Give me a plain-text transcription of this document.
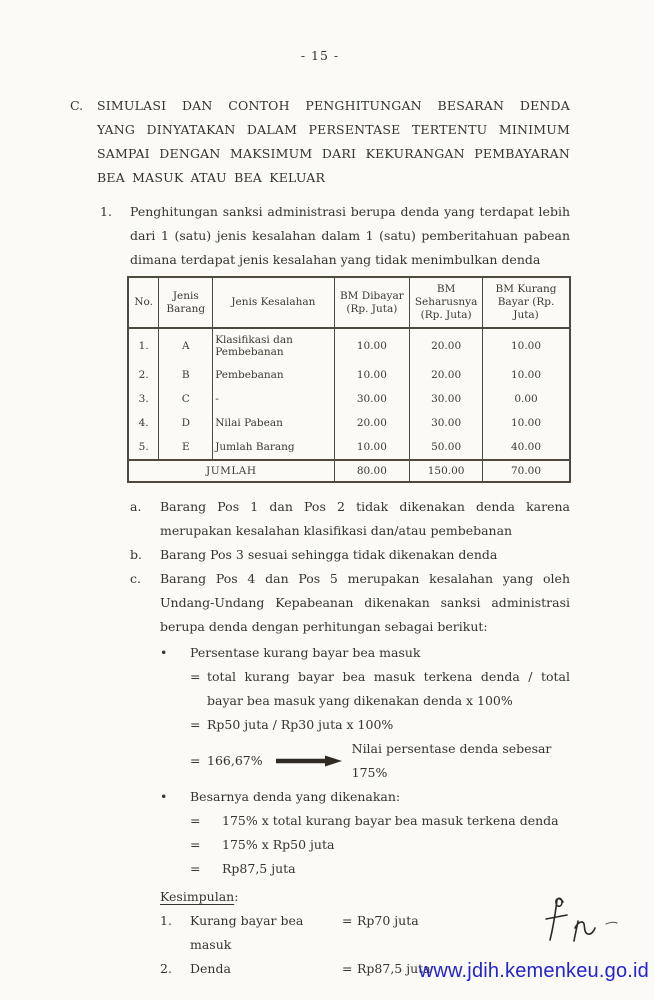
- 15 -
C.	SIMULASI DAN CONTOH PENGHITUNGAN BESARAN DENDA YANG DINYATAKAN DALAM PERSENTASE TERTENTU MINIMUM SAMPAI DENGAN MAKSIMUM DARI KEKURANGAN PEMBAYARAN BEA MASUK ATAU BEA KELUAR
1.	Penghitungan sanksi administrasi berupa denda yang terdapat lebih dari 1 (satu) jenis kesalahan dalam 1 (satu) pemberitahuan pabean dimana terdapat jenis kesalahan yang tidak menimbulkan denda
No.	Jenis Barang	Jenis Kesalahan	BM Dibayar (Rp. Juta)	BM Seharusnya (Rp. Juta)	BM Kurang Bayar (Rp. Juta)
1.	A	Klasifikasi dan Pembebanan	10.00	20.00	10.00
2.	B	Pembebanan	10.00	20.00	10.00
3.	C	-	30.00	30.00	0.00
4.	D	Nilai Pabean	20.00	30.00	10.00
5.	E	Jumlah Barang	10.00	50.00	40.00
JUMLAH			80.00	150.00	70.00
a.	Barang Pos 1 dan Pos 2 tidak dikenakan denda karena merupakan kesalahan klasifikasi dan/atau pembebanan
b.	Barang Pos 3 sesuai sehingga tidak dikenakan denda
c.	Barang Pos 4 dan Pos 5 merupakan kesalahan yang oleh Undang-Undang Kepabeanan dikenakan sanksi administrasi berupa denda dengan perhitungan sebagai berikut:
•	Persentase kurang bayar bea masuk
= total kurang bayar bea masuk terkena denda / total bayar bea masuk yang dikenakan denda x 100%
= Rp50 juta / Rp30 juta x 100%
= 166,67%
Nilai persentase denda sebesar 175%
•	Besarnya denda yang dikenakan:
=	175% x total kurang bayar bea masuk terkena denda
=	175% x Rp50 juta
=	Rp87,5 juta
Kesimpulan:
1.	Kurang bayar bea masuk
= Rp70 juta
2.	Denda	= Rp87,5 juta
www.jdih.kemenkeu.go.id
